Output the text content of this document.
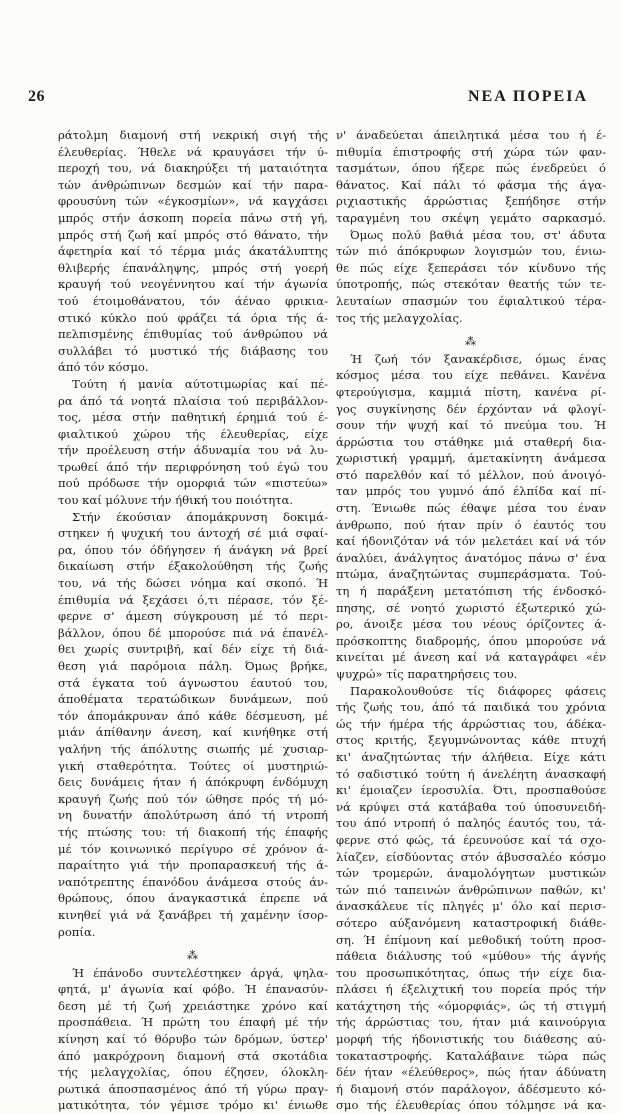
26	ΝΕΑ ΠΟΡΕΙΑ
ράτολμη διαμονή στή νεκρική σιγή τής
έλευθερίας. Ήθελε νά κραυγάσει τήν ύ-
περοχή του, νά διακηρύξει τή ματαιότητα
τών άνθρώπινων δεσμών καί τήν παρα-
φρουσύνη τών «έγκοσμίων», νά καγχάσει
μπρός στήν άσκοπη πορεία πάνω στή γή,
μπρός στή ζωή καί μπρός στό θάνατο, τήν
άφετηρία καί τό τέρμα μιάς άκατάλυπτης
θλιβερής έπανάληψης, μπρός στή γοερή
κραυγή τού νεογέννητου καί τήν άγωνία
τού έτοιμοθάνατου, τόν άέναο φρικια-
στικό κύκλο πού φράζει τά όρια τής ά-
πελπισμένης έπιθυμίας τού άνθρώπου νά
συλλάβει τό μυστικό τής διάβασης του
άπό τόν κόσμο.
Τούτη ή μανία αύτοτιμωρίας καί πέ-
ρα άπό τά νοητά πλαίσια τού περιβάλλον-
τος, μέσα στήν παθητική έρημιά τού έ-
φιαλτικού χώρου τής έλευθερίας, είχε
τήν προέλευση στήν άδυναμία του νά λυ-
τρωθεί άπό τήν περιφρόνηση τού έγώ του
πού πρόδωσε τήν ομορφιά τών «πιστεύω»
του καί μόλυνε τήν ήθική του ποιότητα.
Στήν έκούσιαν άπομάκρυνση δοκιμά-
στηκεν ή ψυχική του άντοχή σέ μιά σφαί-
ρα, όπου τόν όδήγησεν ή άνάγκη νά βρεί
δικαίωση στήν έξακολούθηση τής ζωής
του, νά τής δώσει νόημα καί σκοπό. Ή
έπιθυμία νά ξεχάσει ό,τι πέρασε, τόν ξέ-
φερνε σ' άμεση σύγκρουση μέ τό περι-
βάλλον, όπου δέ μπορούσε πιά νά έπανέλ-
θει χωρίς συντριβή, καί δέν είχε τή διά-
θεση γιά παρόμοια πάλη. Όμως βρήκε,
στά έγκατα τού άγνωστου έαυτού του,
άποθέματα τερατώδικων δυνάμεων, πού
τόν άπομάκρυναν άπό κάθε δέσμευση, μέ
μιάν άπίθανην άνεση, καί κινήθηκε στή
γαλήνη τής άπόλυτης σιωπής μέ χυσιαρ-
γική σταθερότητα. Τούτες οί μυστηριώ-
δεις δυνάμεις ήταν ή άπόκρυφη ένδόμυχη
κραυγή ζωής πού τόν ώθησε πρός τή μό-
νη δυνατήν άπολύτρωση άπό τή ντροπή
τής πτώσης του: τή διακοπή τής έπαφής
μέ τόν κοινωνικό περίγυρο σέ χρόνον ά-
παραίτητο γιά τήν προπαρασκευή τής ά-
ναπότρεπτης έπανόδου άνάμεσα στούς άν-
θρώπους, όπου άναγκαστικά έπρεπε νά
κινηθεί γιά νά ξανάβρει τή χαμένην ίσορ-
ροπία.
⁂
Ή έπάνοδο συντελέστηκεν άργά, ψηλα-
φητά, μ' άγωνία καί φόβο. Ή έπανασύν-
δεση μέ τή ζωή χρειάστηκε χρόνο καί
προσπάθεια. Ή πρώτη του έπαφή μέ τήν
κίνηση καί τό θόρυβο τών δρόμων, ύστερ'
άπό μακρόχρονη διαμονή στά σκοτάδια
τής μελαγχολίας, όπου έζησεν, όλοκλη-
ρωτικά άποσπασμένος άπό τή γύρω πραγ-
ματικότητα, τόν γέμισε τρόμο κι' ένιωθε
ν' άναδεύεται άπειλητικά μέσα του ή έ-
πιθυμία έπιστροφής στή χώρα τών φαν-
τασμάτων, όπου ήξερε πώς ένεδρεύει ό
θάνατος. Καί πάλι τό φάσμα τής άγα-
ριχιαστικής άρρώστιας ξεπήδησε στήν
ταραγμένη του σκέψη γεμάτο σαρκασμό.
Όμως πολύ βαθιά μέσα του, στ' άδυτα
τών πιό άπόκρυφων λογισμών του, ένιω-
θε πώς είχε ξεπεράσει τόν κίνδυνο τής
ύποτροπής, πώς στεκόταν θεατής τών τε-
λευταίων σπασμών του έφιαλτικού τέρα-
τος τής μελαγχολίας.
⁂
Ή ζωή τόν ξανακέρδισε, όμως ένας
κόσμος μέσα του είχε πεθάνει. Κανένα
φτερούγισμα, καμμιά πίστη, κανένα ρί-
γος συγκίνησης δέν έρχόνταν νά φλογί-
σουν τήν ψυχή καί τό πνεύμα του. Ή
άρρώστια του στάθηκε μιά σταθερή δια-
χωριστική γραμμή, άμετακίνητη άνάμεσα
στό παρελθόν καί τό μέλλον, πού άνοιγό-
ταν μπρός του γυμνό άπό έλπίδα καί πί-
στη. Ένιωθε πώς έθαψε μέσα του έναν
άνθρωπο, πού ήταν πρίν ό έαυτός του
καί ήδονιζόταν νά τόν μελετάει καί νά τόν
άναλύει, άνάλγητος άνατόμος πάνω σ' ένα
πτώμα, άναζητώντας συμπεράσματα. Τού-
τη ή παράξενη μετατόπιση τής ένδοσκό-
πησης, σέ νοητό χωριστό έξωτερικό χώ-
ρο, άνοιξε μέσα του νέους όρίζοντες ά-
πρόσκοπτης διαδρομής, όπου μπορούσε νά
κινείται μέ άνεση καί νά καταγράφει «έν
ψυχρώ» τίς παρατηρήσεις του.
Παρακολουθούσε τίς διάφορες φάσεις
τής ζωής του, άπό τά παιδικά του χρόνια
ώς τήν ήμέρα τής άρρώστιας του, άδέκα-
στος κριτής, ξεγυμνώνοντας κάθε πτυχή
κι' άναζητώντας τήν άλήθεια. Είχε κάτι
τό σαδιστικό τούτη ή άνελέητη άνασκαφή
κι' έμοιαζεν ίεροσυλία. Ότι, προσπαθούσε
νά κρύψει στά κατάβαθα τού ύποσυνειδή-
του άπό ντροπή ό παληός έαυτός του, τά-
φερνε στό φώς, τά έρευνούσε καί τά σχο-
λίαζεν, είσδύοντας στόν άβυσσαλέο κόσμο
τών τρομερών, άναμολόγητων μυστικών
τών πιό ταπεινών άνθρώπινων παθών, κι'
άνασκάλευε τίς πληγές μ' όλο καί περισ-
σότερο αύξανόμενη καταστροφική διάθε-
ση. Ή έπίμονη καί μεθοδική τούτη προσ-
πάθεια διάλυσης τού «μύθου» τής άγνής
του προσωπικότητας, όπως τήν είχε δια-
πλάσει ή έξελιχτική του πορεία πρός τήν
κατάχτηση τής «όμορφιάς», ώς τή στιγμή
τής άρρώστιας του, ήταν μιά καινούργια
μορφή τής ήδονιστικής του διάθεσης αύ-
τοκαταστροφής. Καταλάβαινε τώρα πώς
δέν ήταν «έλεύθερος», πώς ήταν άδύνατη
ή διαμονή στόν παράλογον, άδέσμευτο κό-
σμο τής έλευθερίας όπου τόλμησε νά κα-
